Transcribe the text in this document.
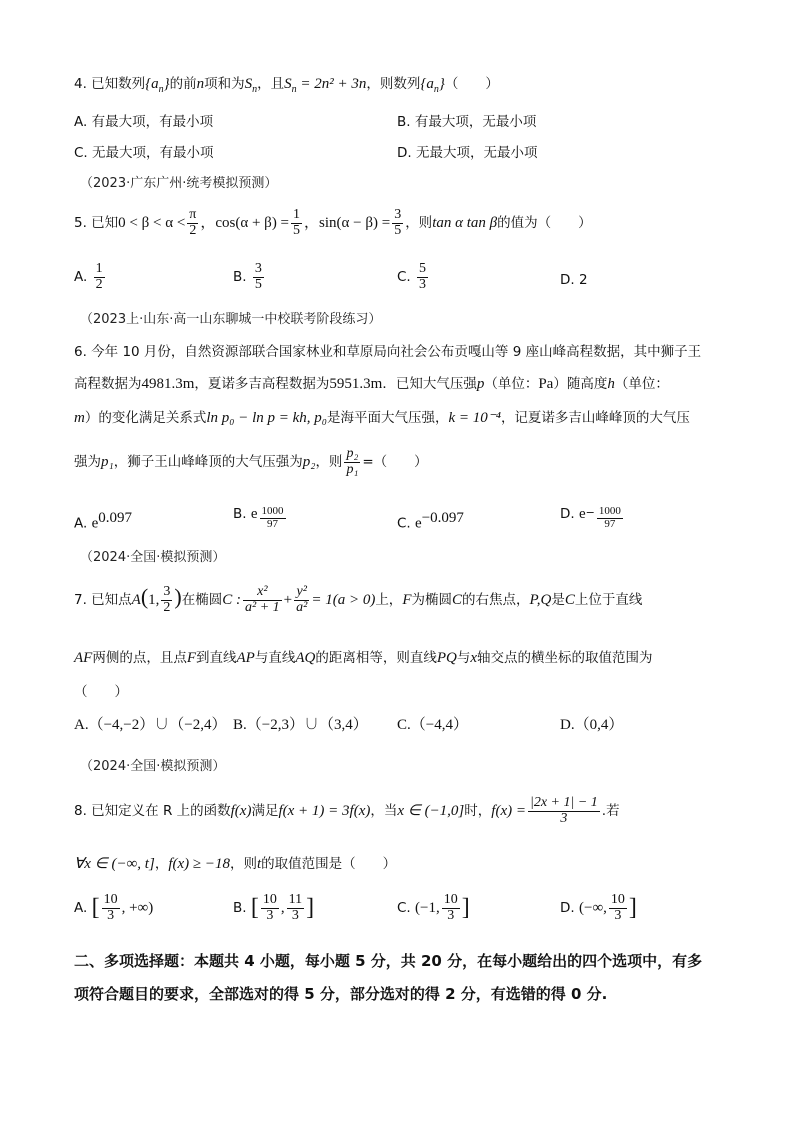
4. 已知数列$\{a_n\}$的前n项和为$S_n$，且$S_n = 2n^2 + 3n$，则数列$\{a_n\}$（　　）
A. 有最大项，有最小项	B. 有最大项，无最小项
C. 无最大项，有最小项	D. 无最大项，无最小项
（2023·广东广州·统考模拟预测）
5. 已知$0 < \beta < \alpha < \frac{\pi}{2}$ ，$\cos(\alpha + \beta) = \frac{1}{5}$ ，$\sin(\alpha - \beta) = \frac{3}{5}$ ，则tan α tan β的值为（　　）
A. $\frac{1}{2}$	B. $\frac{3}{5}$	C. $\frac{5}{3}$	D. 2
（2023上·山东·高一山东聊城一中校联考阶段练习）
6. 今年 10 月份，自然资源部联合国家林业和草原局向社会公布贡嘎山等 9 座山峰高程数据，其中狮子王
高程数据为4981.3m，夏诺多吉高程数据为5951.3m．已知大气压强p（单位：Pa）随高度h（单位：
m）的变化满足关系式ln p₀ − ln p = kh, p₀是海平面大气压强，k = 10⁻⁴，记夏诺多吉山峰峰顶的大气压
强为p₁，狮子王山峰峰顶的大气压强为p₂，则 $\frac{\text{p₂}}{\text{p₁}}$ =（　　）
A. $e^{0.097}$	B. e $\frac{1000}{97}$	C. $e^{-0.097}$	D. $e^- \frac{1000}{97}$
（2024·全国·模拟预测）
7. 已知点A(1, $\frac{3}{2}$ )在椭圆C : $\frac{\text{x²}}{\text{a² + 1}} + \frac{\text{y²}}{\text{a²}} = 1(a > 0)$上，F为椭圆C的右焦点，P,Q是C上位于直线
AF两侧的点，且点F到直线AP与直线AQ的距离相等，则直线PQ与x轴交点的横坐标的取值范围为
（　　）
A.（−4,−2）∪（−2,4） B.（−2,3）∪（3,4） C.（−4,4）	D.（0,4）
（2024·全国·模拟预测）
8. 已知定义在 R 上的函数f(x)满足f(x + 1) = 3f(x)，当x ∈ (−1,0]时，$f(x) = \frac{|2x + 1| - 1}{3}$ .若
∀x ∈ (−∞, t]，f(x) ≥ −18，则t的取值范围是（　　）
A. [ $\frac{10}{3}$ , +∞)	B. [ $\frac{10}{3}$ , $\frac{11}{3}$ ]	C. (−1, $\frac{10}{3}$ ]	D. (−∞, $\frac{10}{3}$ ]
二、多项选择题：本题共 4 小题，每小题 5 分，共 20 分，在每小题给出的四个选项中，有多
项符合题目的要求，全部选对的得 5 分，部分选对的得 2 分，有选错的得 0 分.
